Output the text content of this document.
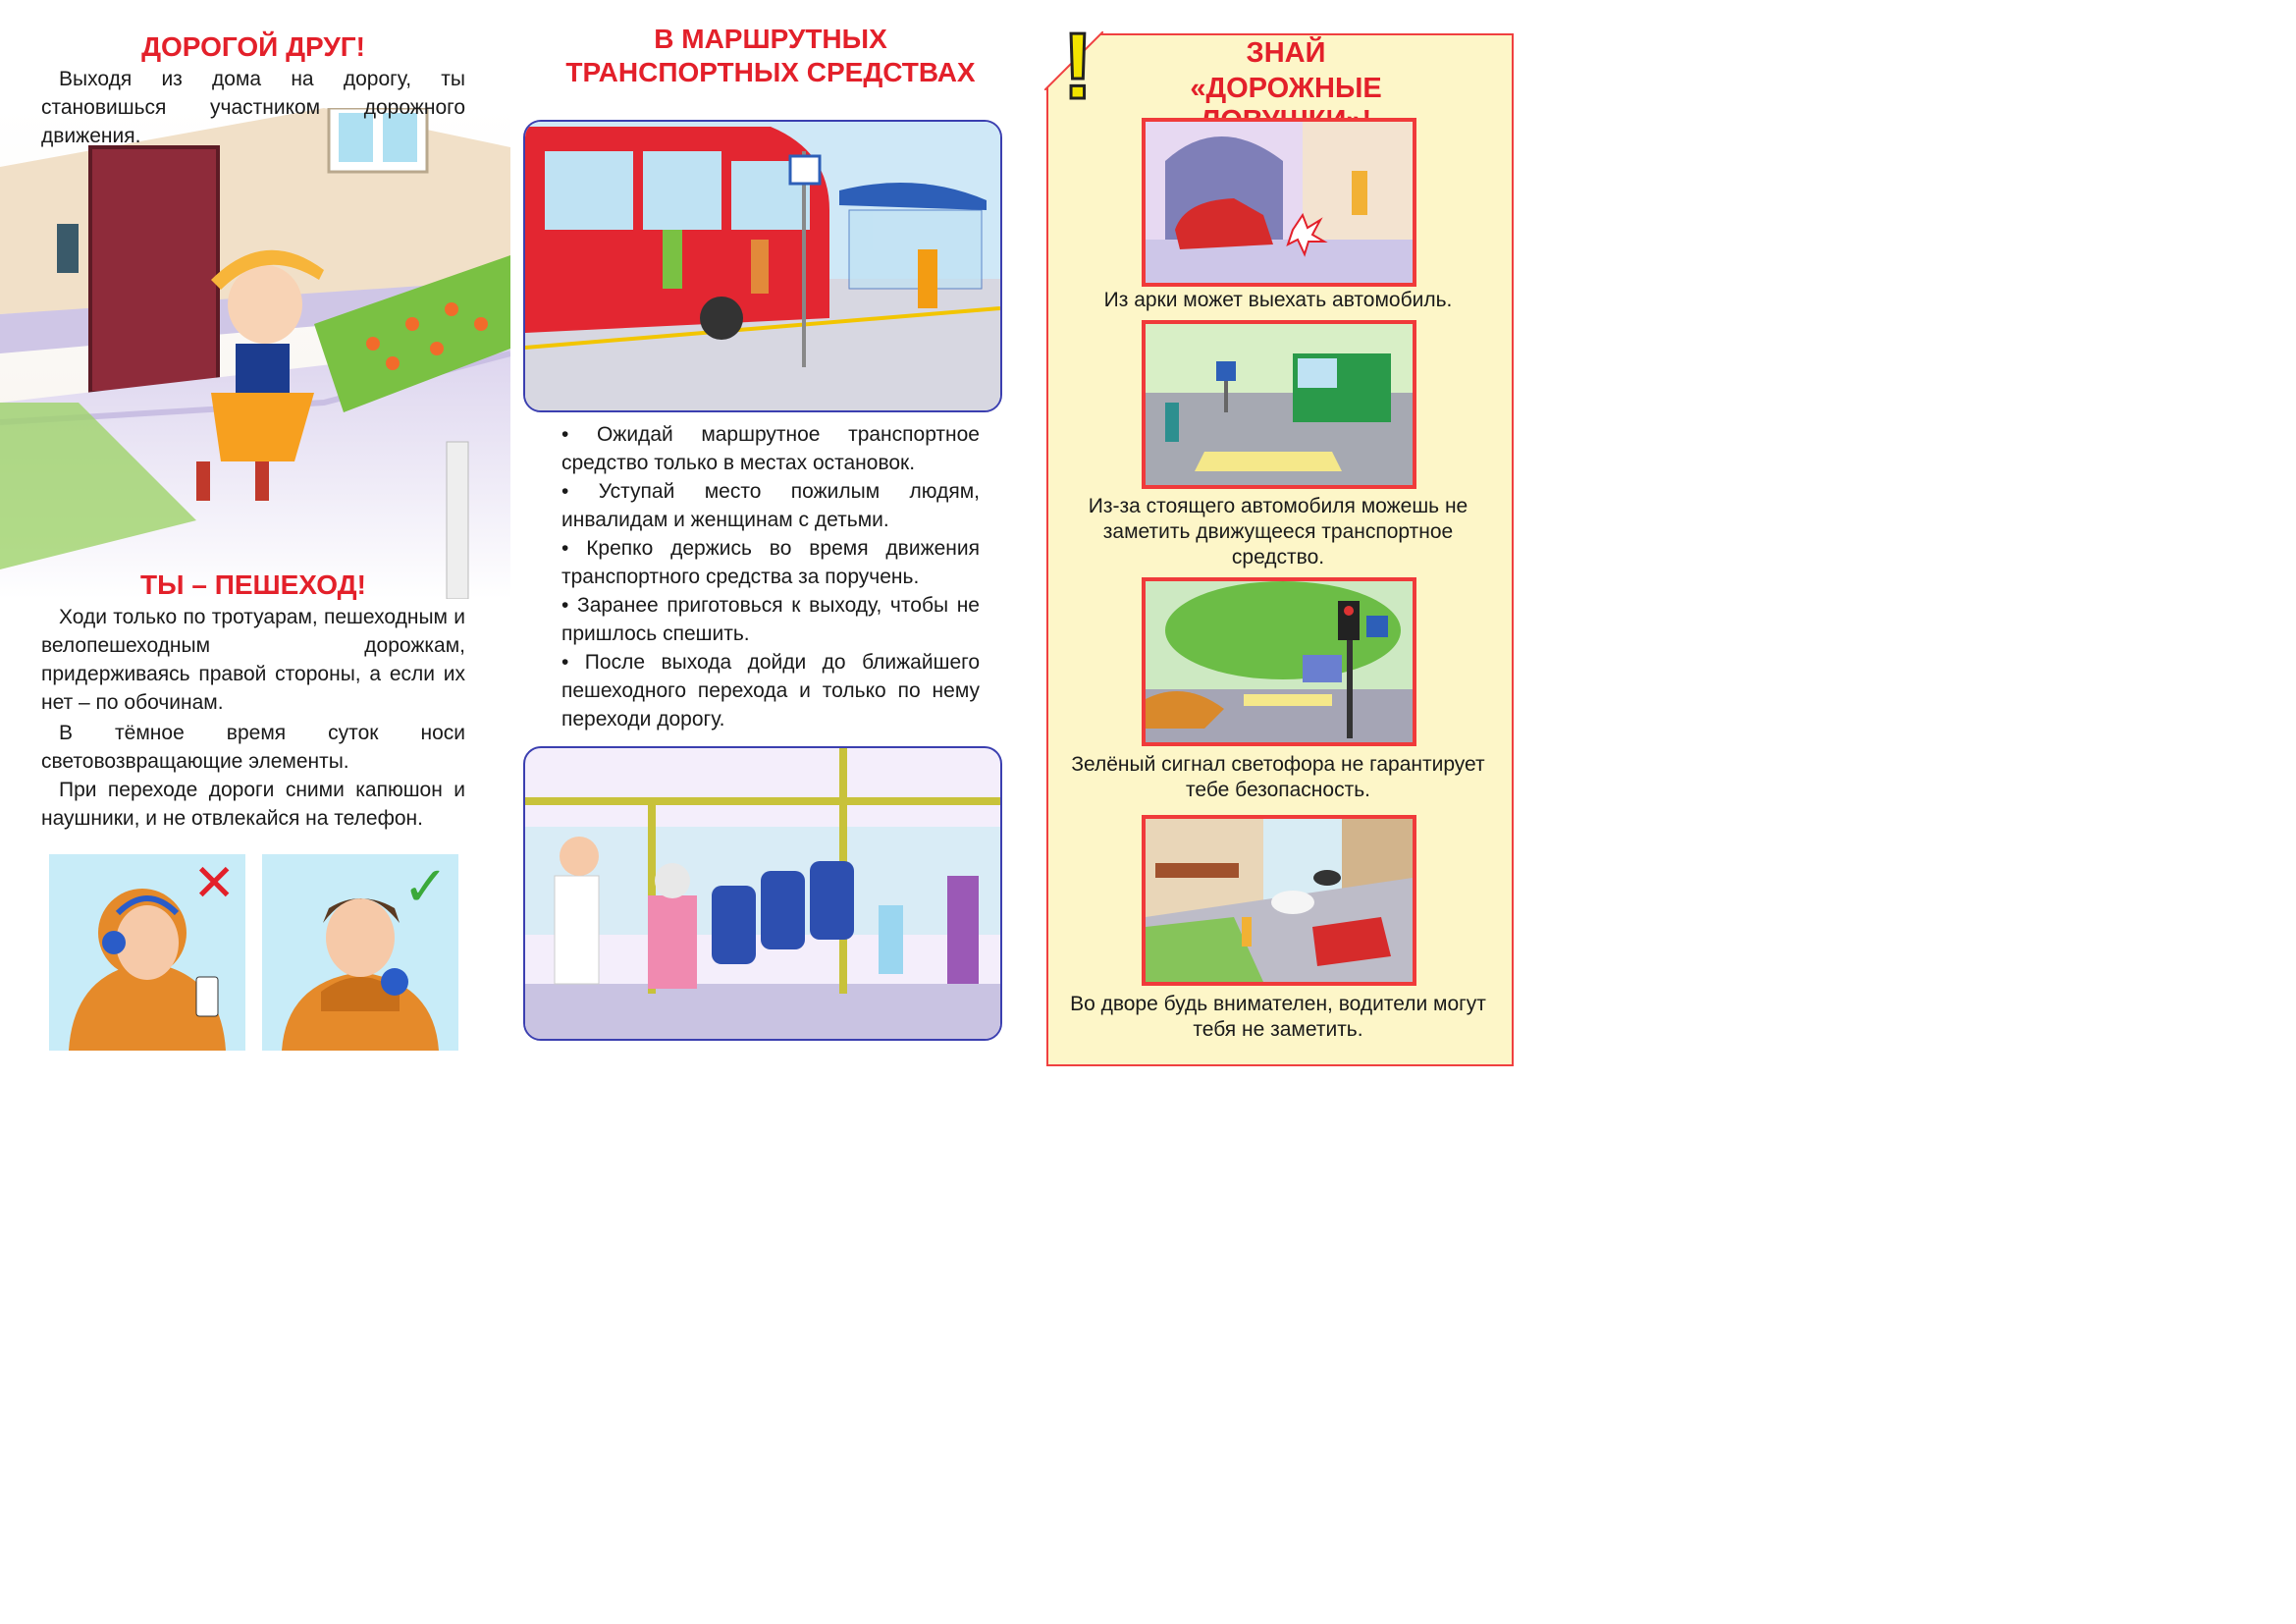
ДОРОГОЙ ДРУГ!
Выходя из дома на дорогу, ты становишься участником дорожного движения.
ТЫ – ПЕШЕХОД!
Ходи только по тротуарам, пешеходным и велопешеходным дорожкам, придерживаясь правой стороны, а если их нет – по обочинам.
В тёмное время суток носи световозвращающие элементы.
При переходе дороги сними капюшон и наушники, и не отвлекайся на телефон.
✕	✓
В МАРШРУТНЫХ
ТРАНСПОРТНЫХ СРЕДСТВАХ
• Ожидай маршрутное транспортное средство только в местах остановок.
• Уступай место пожилым людям, инвалидам и женщинам с детьми.
• Крепко держись во время движения транспортного средства за поручень.
• Заранее приготовься к выходу, чтобы не пришлось спешить.
• После выхода дойди до ближайшего пешеходного перехода и только по нему переходи дорогу.
!	ЗНАЙ
«ДОРОЖНЫЕ
Из арки может выехать автомобиль.
Из-за стоящего автомобиля можешь не заметить движущееся транспортное средство.
Зелёный сигнал светофора не гарантирует тебе безопасность.
Во дворе будь внимателен, водители могут тебя не заметить.
